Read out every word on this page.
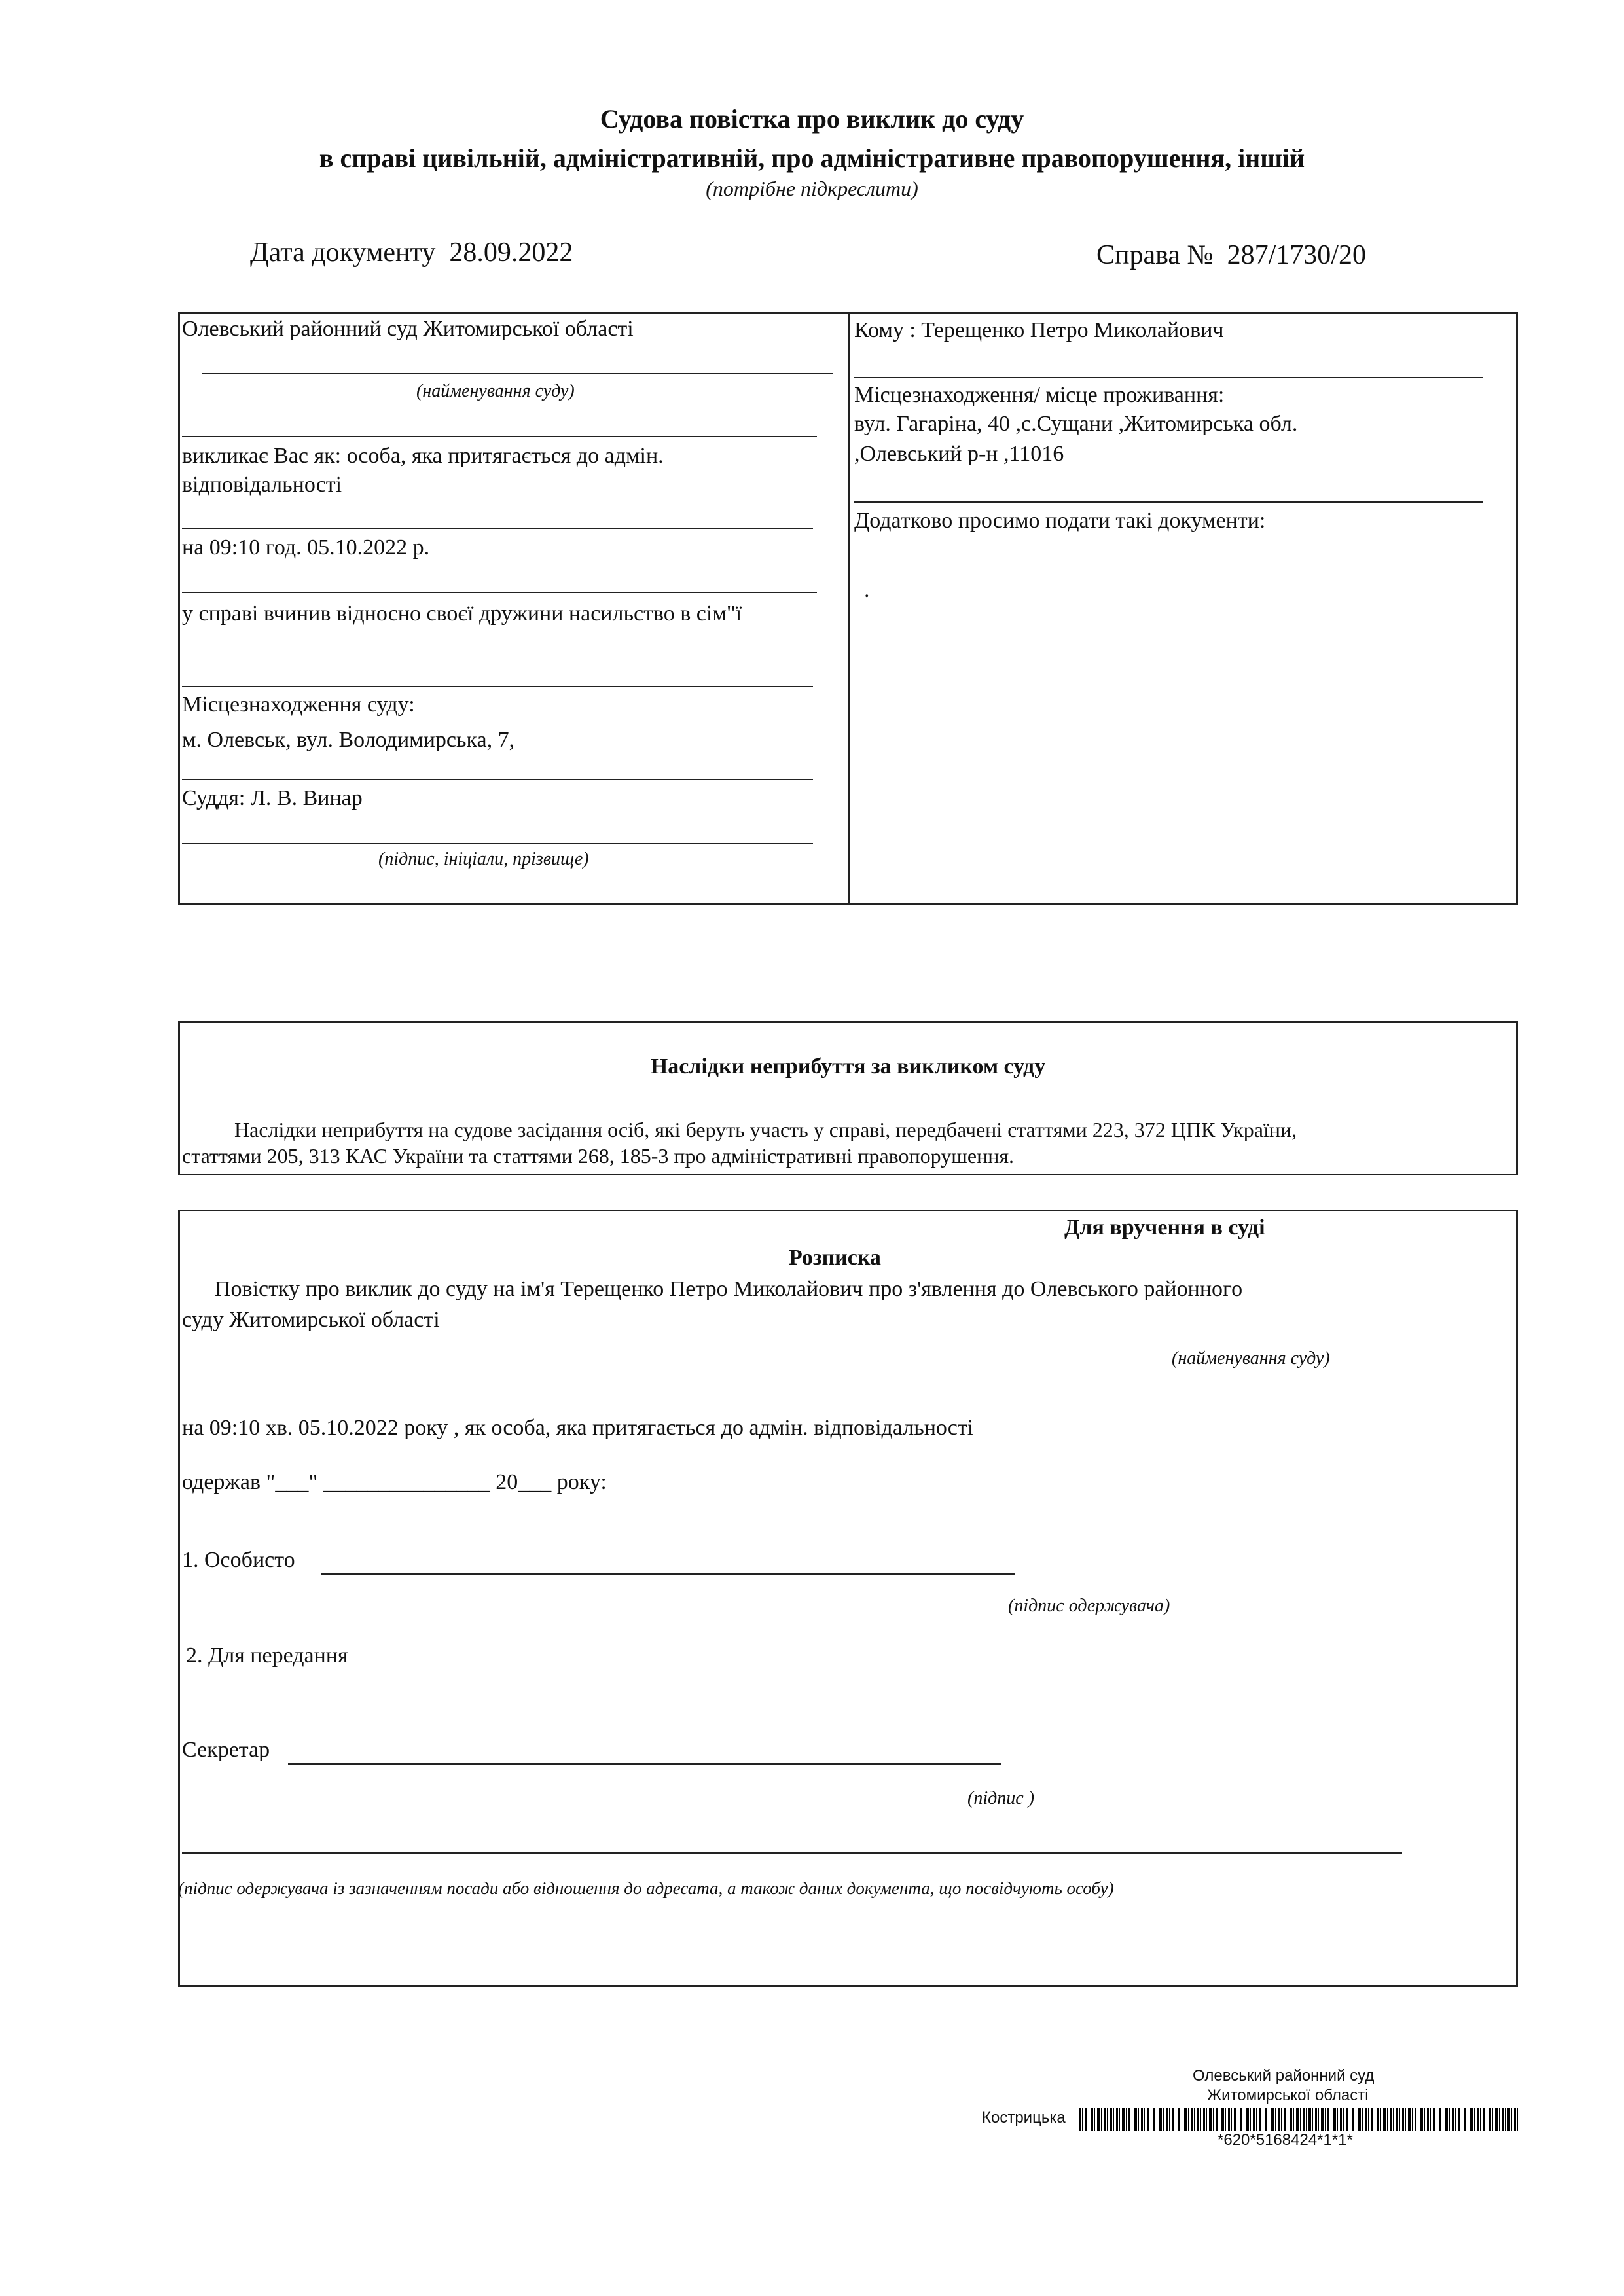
Судова повістка про виклик до суду
в справі цивільній, адміністративній, про адміністративне правопорушення, іншій
(потрібне підкреслити)
Дата документу 28.09.2022	Справа № 287/1730/20
Олевський районний суд Житомирської області
(найменування суду)
викликає Вас як: особа, яка притягається до адмін.
відповідальності
на 09:10 год. 05.10.2022 р.
у справі вчинив відносно своєї дружини насильство в сім"ї
Місцезнаходження суду:
м. Олевськ, вул. Володимирська, 7,
Суддя: Л. В. Винар
(підпис, ініціали, прізвище)
Кому : Терещенко Петро Миколайович
Місцезнаходження/ місце проживання:
вул. Гагаріна, 40 ,с.Сущани ,Житомирська обл.
,Олевський р-н ,11016
Додатково просимо подати такі документи:
.
Наслідки неприбуття за викликом суду
Наслідки неприбуття на судове засідання осіб, які беруть участь у справі, передбачені статтями 223, 372 ЦПК України,
статтями 205, 313 КАС України та статтями 268, 185-3 про адміністративні правопорушення.
Для вручення в суді
Розписка
Повістку про виклик до суду на ім'я Терещенко Петро Миколайович про з'явлення до Олевського районного
суду Житомирської області
(найменування суду)
на 09:10 хв. 05.10.2022 року , як особа, яка притягається до адмін. відповідальності
одержав "___" _______________ 20___ року:
1. Особисто
(підпис одержувача)
2. Для передання
Секретар
(підпис )
(підпис одержувача із зазначенням посади або відношення до адресата, а також даних документа, що посвідчують особу)
Олевський районний суд
Житомирської області
Кострицька
*620*5168424*1*1*
